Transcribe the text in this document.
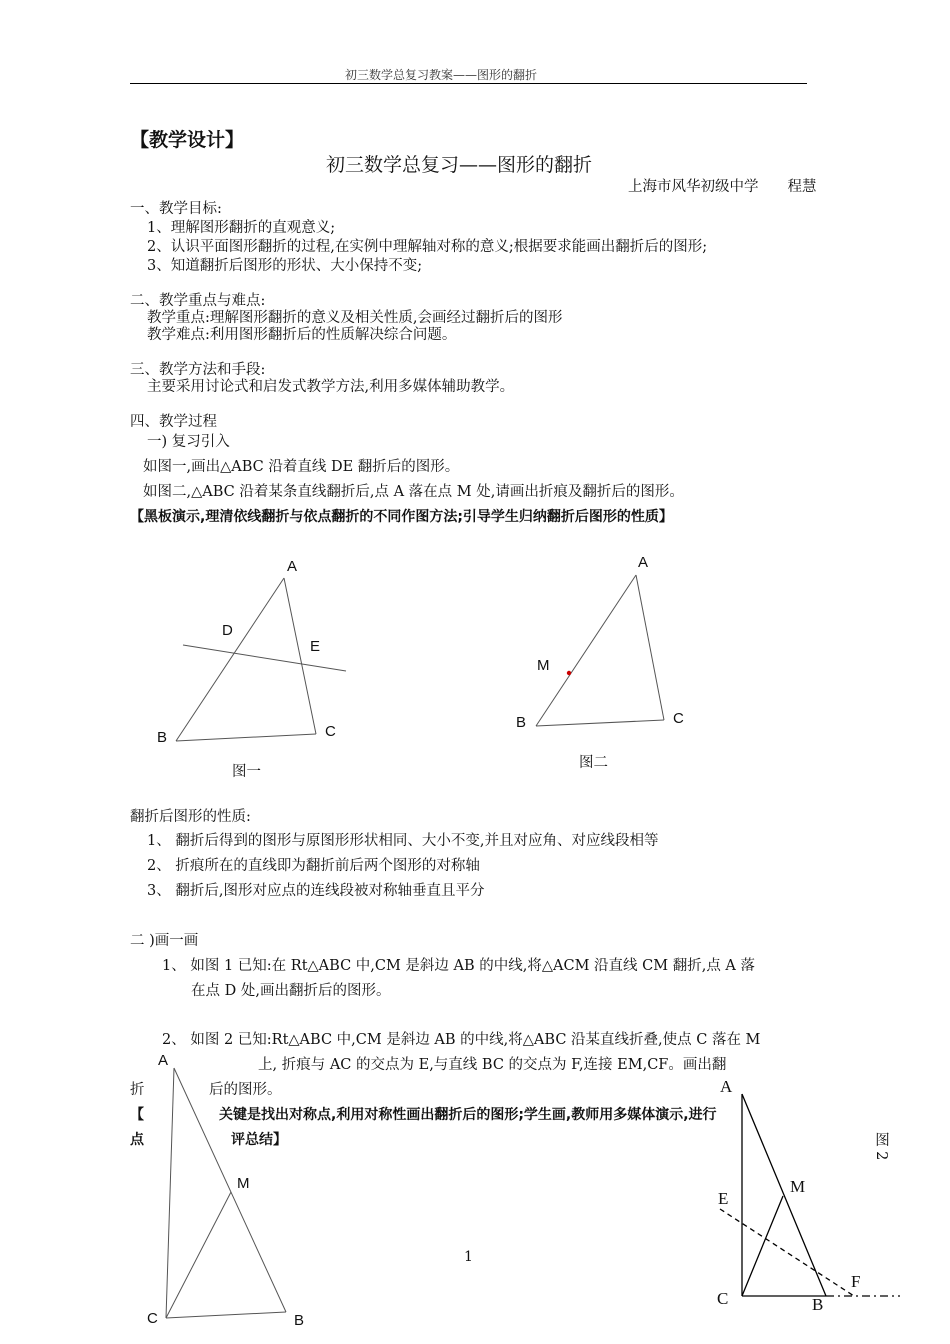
初三数学总复习教案——图形的翻折
【教学设计】
初三数学总复习——图形的翻折
上海市风华初级中学　　程慧
一、教学目标:
1、理解图形翻折的直观意义;
2、认识平面图形翻折的过程,在实例中理解轴对称的意义;根据要求能画出翻折后的图形;
3、知道翻折后图形的形状、大小保持不变;
二、教学重点与难点:
教学重点:理解图形翻折的意义及相关性质,会画经过翻折后的图形
教学难点:利用图形翻折后的性质解决综合问题。
三、教学方法和手段:
主要采用讨论式和启发式教学方法,利用多媒体辅助教学。
四、教学过程
一) 复习引入
如图一,画出△ABC 沿着直线 DE 翻折后的图形。
如图二,△ABC 沿着某条直线翻折后,点 A 落在点 M 处,请画出折痕及翻折后的图形。
【黑板演示,理清依线翻折与依点翻折的不同作图方法;引导学生归纳翻折后图形的性质】
A
B	C
D
E
图一
A
B	C
M
图二
翻折后图形的性质:
1、 翻折后得到的图形与原图形形状相同、大小不变,并且对应角、对应线段相等
2、 折痕所在的直线即为翻折前后两个图形的对称轴
3、 翻折后,图形对应点的连线段被对称轴垂直且平分
二 )画一画
1、 如图 1 已知:在 Rt△ABC 中,CM 是斜边 AB 的中线,将△ACM 沿直线 CM 翻折,点 A 落
在点 D 处,画出翻折后的图形。
2、 如图 2 已知:Rt△ABC 中,CM 是斜边 AB 的中线,将△ABC 沿某直线折叠,使点 C 落在 M
上, 折痕与 AC 的交点为 E,与直线 BC 的交点为 F,连接 EM,CF。画出翻
折	后的图形。
【	关键是找出对称点,利用对称性画出翻折后的图形;学生画,教师用多媒体演示,进行
点	评总结】	图 2
A
M
C	B
A
E
M
C	B
F
1
